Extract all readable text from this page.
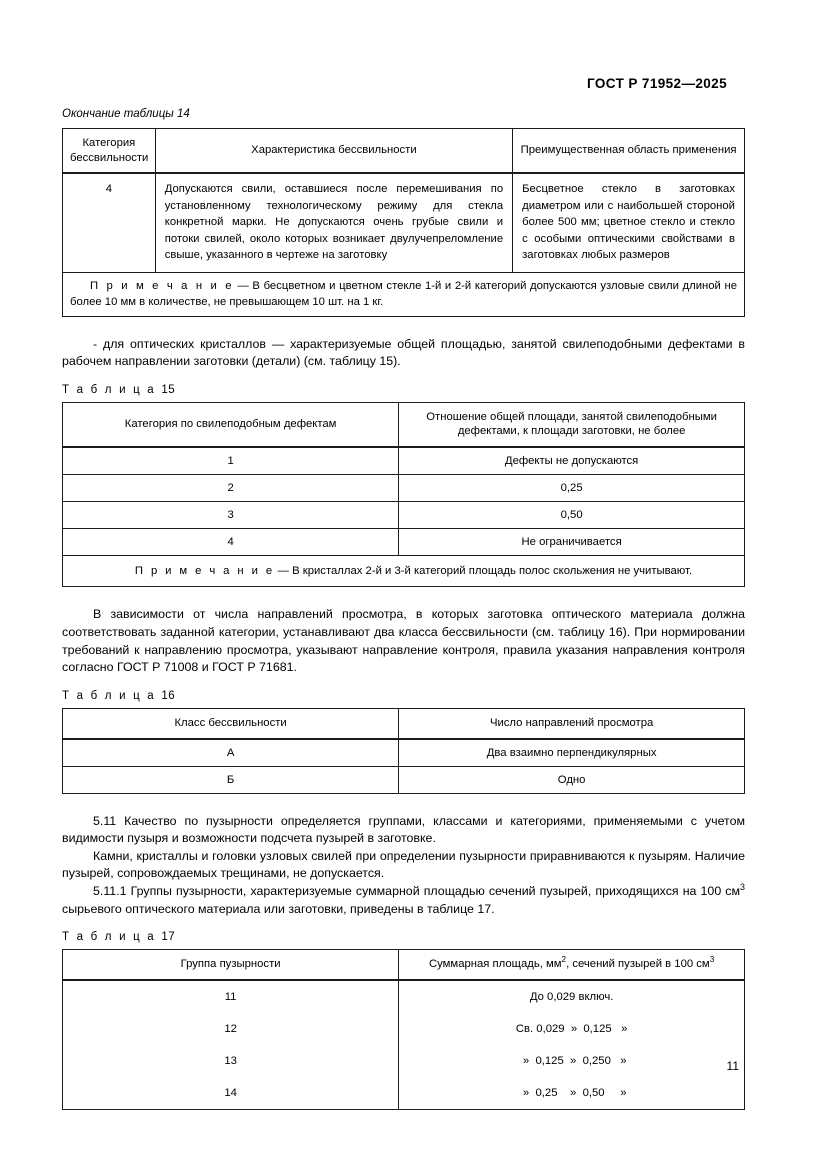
ГОСТ Р 71952—2025
Окончание таблицы 14
Категория бессвильности	Характеристика бессвильности	Преимущественная область применения
4	Допускаются свили, оставшиеся после перемешивания по установленному технологическому режиму для стекла конкретной марки. Не допускаются очень грубые свили и потоки свилей, около которых возникает двулучепреломление свыше, указанного в чертеже на заготовку	Бесцветное стекло в заготовках диаметром или с наибольшей стороной более 500 мм; цветное стекло и стекло с особыми оптическими свойствами в заготовках любых размеров
П р и м е ч а н и е — В бесцветном и цветном стекле 1-й и 2-й категорий допускаются узловые свили длиной не более 10 мм в количестве, не превышающем 10 шт. на 1 кг.		

- для оптических кристаллов — характеризуемые общей площадью, занятой свилеподобными дефектами в рабочем направлении заготовки (детали) (см. таблицу 15).

Т а б л и ц а 15
Категория по свилеподобным дефектам	Отношение общей площади, занятой свилеподобными дефектами, к площади заготовки, не более
1	Дефекты не допускаются
2	0,25
3	0,50
4	Не ограничивается
П р и м е ч а н и е — В кристаллах 2-й и 3-й категорий площадь полос скольжения не учитывают.	

В зависимости от числа направлений просмотра, в которых заготовка оптического материала должна соответствовать заданной категории, устанавливают два класса бессвильности (см. таблицу 16). При нормировании требований к направлению просмотра, указывают направление контроля, правила указания направления контроля согласно ГОСТ Р 71008 и ГОСТ Р 71681.

Т а б л и ц а 16
Класс бессвильности	Число направлений просмотра
А	Два взаимно перпендикулярных
Б	Одно

5.11 Качество по пузырности определяется группами, классами и категориями, применяемыми с учетом видимости пузыря и возможности подсчета пузырей в заготовке.

Камни, кристаллы и головки узловых свилей при определении пузырности приравниваются к пузырям. Наличие пузырей, сопровождаемых трещинами, не допускается.

5.11.1 Группы пузырности, характеризуемые суммарной площадью сечений пузырей, приходящихся на 100 $см^3$ сырьевого оптического материала или заготовки, приведены в таблице 17.

Т а б л и ц а 17
Группа пузырности	Суммарная площадь, $мм^2$, сечений пузырей в 100 $см^3$
11	До 0,029 включ.
12	Св. 0,029  »  0,125   »
13	»  0,125  »  0,250   »
14	»  0,25    »  0,50     »
11
